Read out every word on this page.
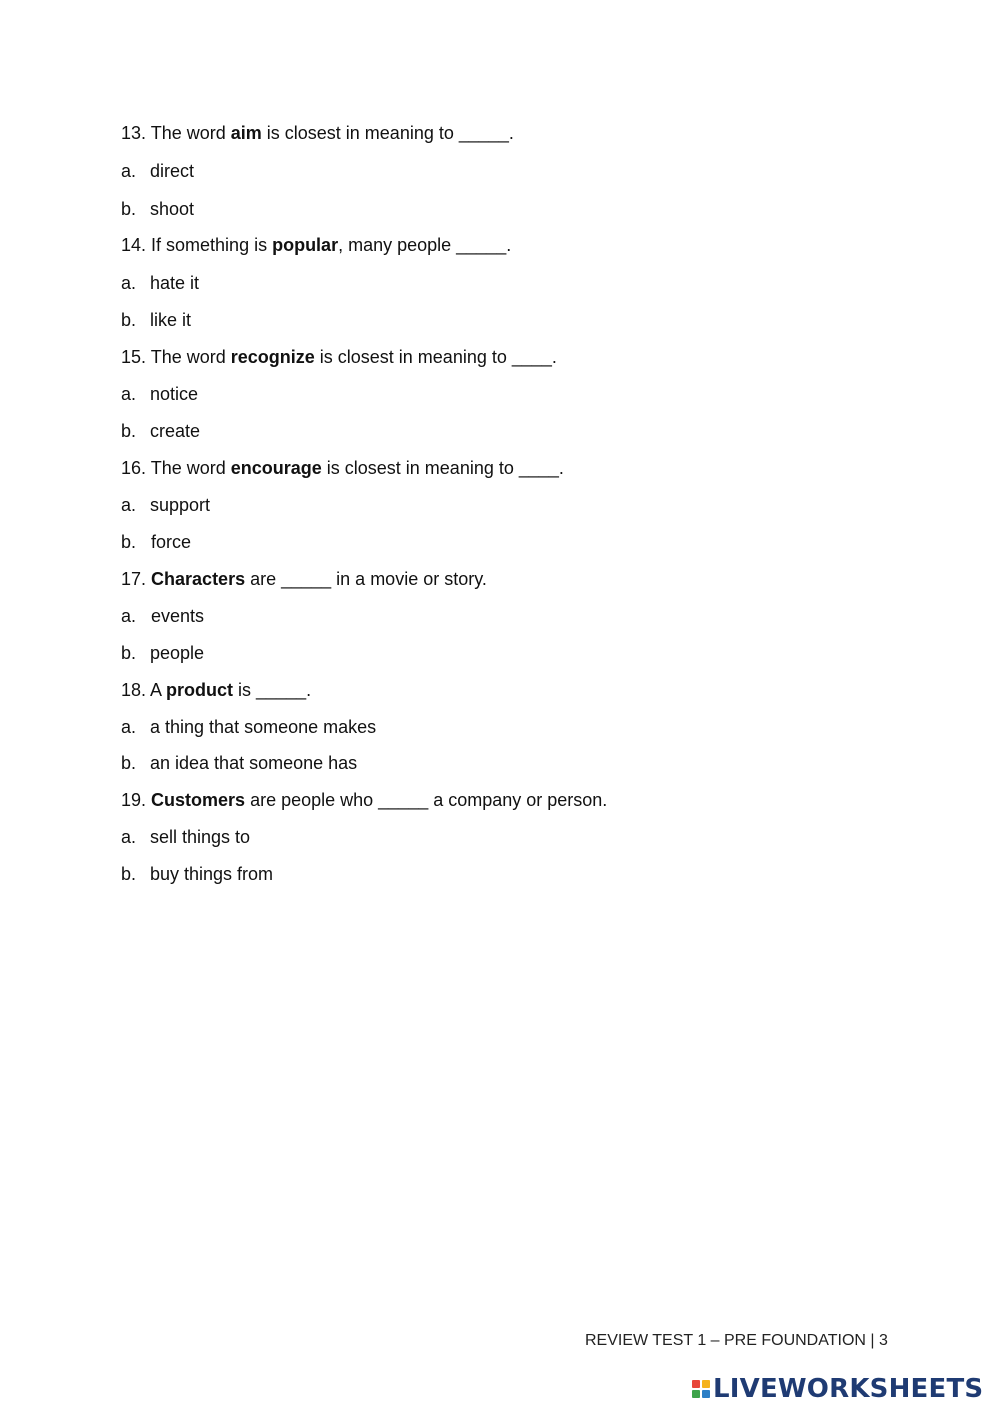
13. The word aim is closest in meaning to _____.
a. direct
b. shoot
14. If something is popular, many people _____.
a. hate it
b. like it
15. The word recognize is closest in meaning to ____.
a. notice
b. create
16. The word encourage is closest in meaning to ____.
a. support
b. force
17. Characters are _____ in a movie or story.
a. events
b. people
18. A product is _____.
a. a thing that someone makes
b. an idea that someone has
19. Customers are people who _____ a company or person.
a. sell things to
b. buy things from
REVIEW TEST 1 – PRE FOUNDATION | 3
LIVEWORKSHEETS
